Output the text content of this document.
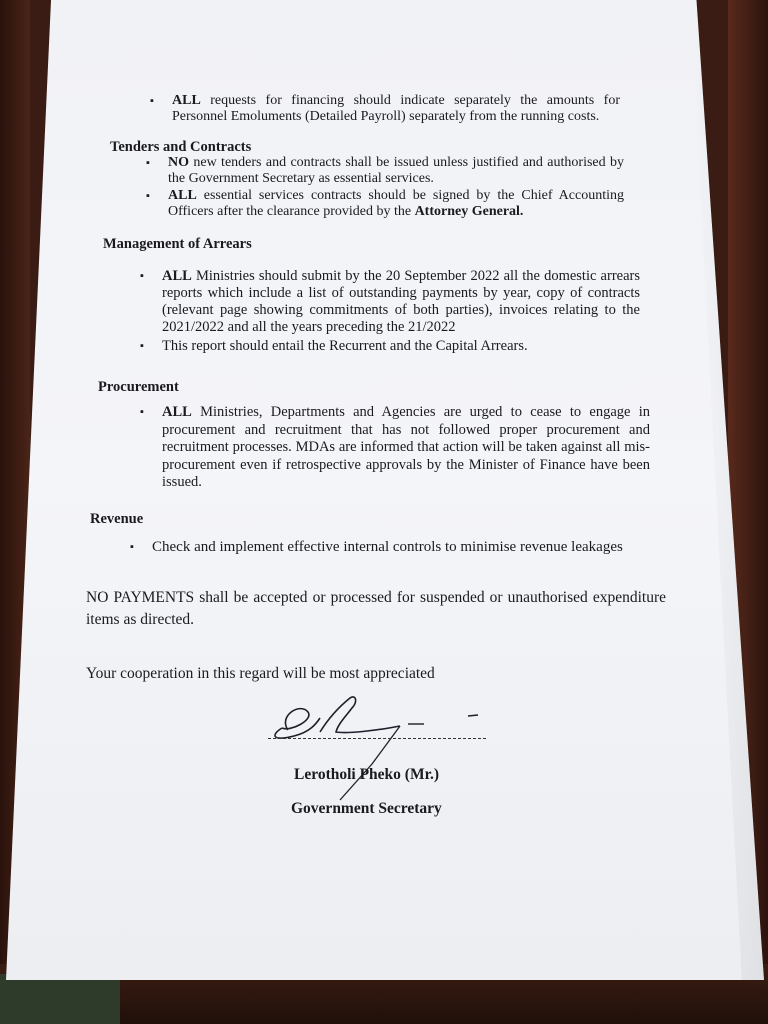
▪ ALL requests for financing should indicate separately the amounts for Personnel Emoluments (Detailed Payroll) separately from the running costs.
Tenders and Contracts
▪ NO new tenders and contracts shall be issued unless justified and authorised by the Government Secretary as essential services.
▪ ALL essential services contracts should be signed by the Chief Accounting Officers after the clearance provided by the Attorney General.
Management of Arrears
▪ ALL Ministries should submit by the 20 September 2022 all the domestic arrears reports which include a list of outstanding payments by year, copy of contracts (relevant page showing commitments of both parties), invoices relating to the 2021/2022 and all the years preceding the 21/2022
▪ This report should entail the Recurrent and the Capital Arrears.
Procurement
▪ ALL Ministries, Departments and Agencies are urged to cease to engage in procurement and recruitment that has not followed proper procurement and recruitment processes. MDAs are informed that action will be taken against all mis-procurement even if retrospective approvals by the Minister of Finance have been issued.
Revenue
▪ Check and implement effective internal controls to minimise revenue leakages
NO PAYMENTS shall be accepted or processed for suspended or unauthorised expenditure items as directed.
Your cooperation in this regard will be most appreciated
Lerotholi Pheko (Mr.)
Government Secretary
